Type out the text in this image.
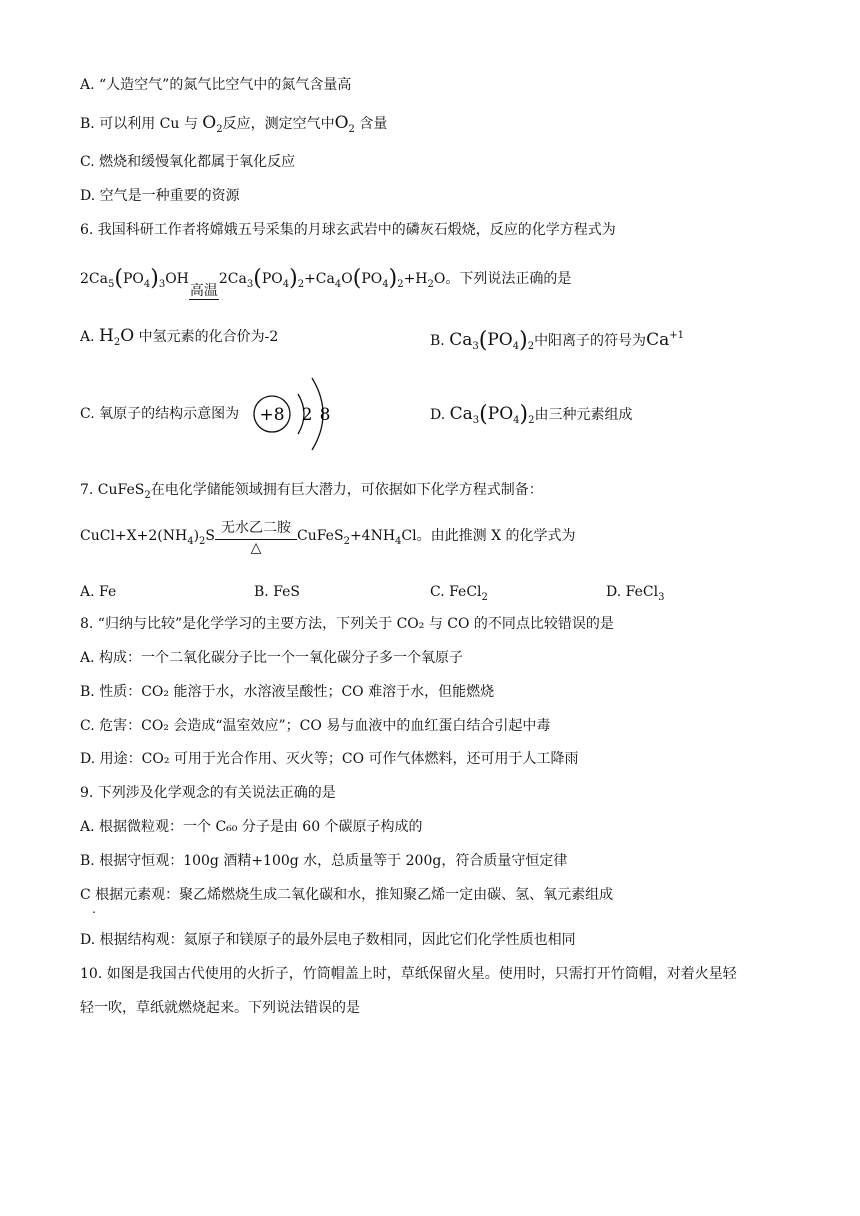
A. “人造空气”的氮气比空气中的氮气含量高
B. 可以利用 Cu 与 $O_2$反应，测定空气中$O_2$ 含量
C. 燃烧和缓慢氧化都属于氧化反应
D. 空气是一种重要的资源
6. 我国科研工作者将嫦娥五号采集的月球玄武岩中的磷灰石煅烧，反应的化学方程式为
$2Ca_5(PO_4)_3OH$
高温
$2Ca_3(PO_4)_2+Ca_4O(PO_4)_2+H_2O$。下列说法正确的是
A. $H_2O$ 中氢元素的化合价为-2	B. $Ca_3(PO_4)_2$中阳离子的符号为$Ca^{+1}$
C. 氧原子的结构示意图为 +8 2 8	D. $Ca_3(PO_4)_2$由三种元素组成
7. CuFeS$_2$在电化学储能领域拥有巨大潜力，可依据如下化学方程式制备：
$CuCl+X+2(NH_4)_2S$ 无水乙二胺
△
$CuFeS_2+4NH_4Cl$。由此推测 X 的化学式为
A. Fe	B. FeS	C. FeCl$_2$	D. FeCl$_3$
8. “归纳与比较”是化学学习的主要方法，下列关于 CO₂ 与 CO 的不同点比较错误的是
A. 构成：一个二氧化碳分子比一个一氧化碳分子多一个氧原子
B. 性质：CO₂ 能溶于水，水溶液呈酸性；CO 难溶于水，但能燃烧
C. 危害：CO₂ 会造成“温室效应”；CO 易与血液中的血红蛋白结合引起中毒
D. 用途：CO₂ 可用于光合作用、灭火等；CO 可作气体燃料，还可用于人工降雨
9. 下列涉及化学观念的有关说法正确的是
A. 根据微粒观：一个 C₆₀ 分子是由 60 个碳原子构成的
B. 根据守恒观：100g 酒精+100g 水，总质量等于 200g，符合质量守恒定律
C 根据元素观：聚乙烯燃烧生成二氧化碳和水，推知聚乙烯一定由碳、氢、氧元素组成
.
D. 根据结构观：氦原子和镁原子的最外层电子数相同，因此它们化学性质也相同
10. 如图是我国古代使用的火折子，竹筒帽盖上时，草纸保留火星。使用时，只需打开竹筒帽，对着火星轻
轻一吹，草纸就燃烧起来。下列说法错误的是
